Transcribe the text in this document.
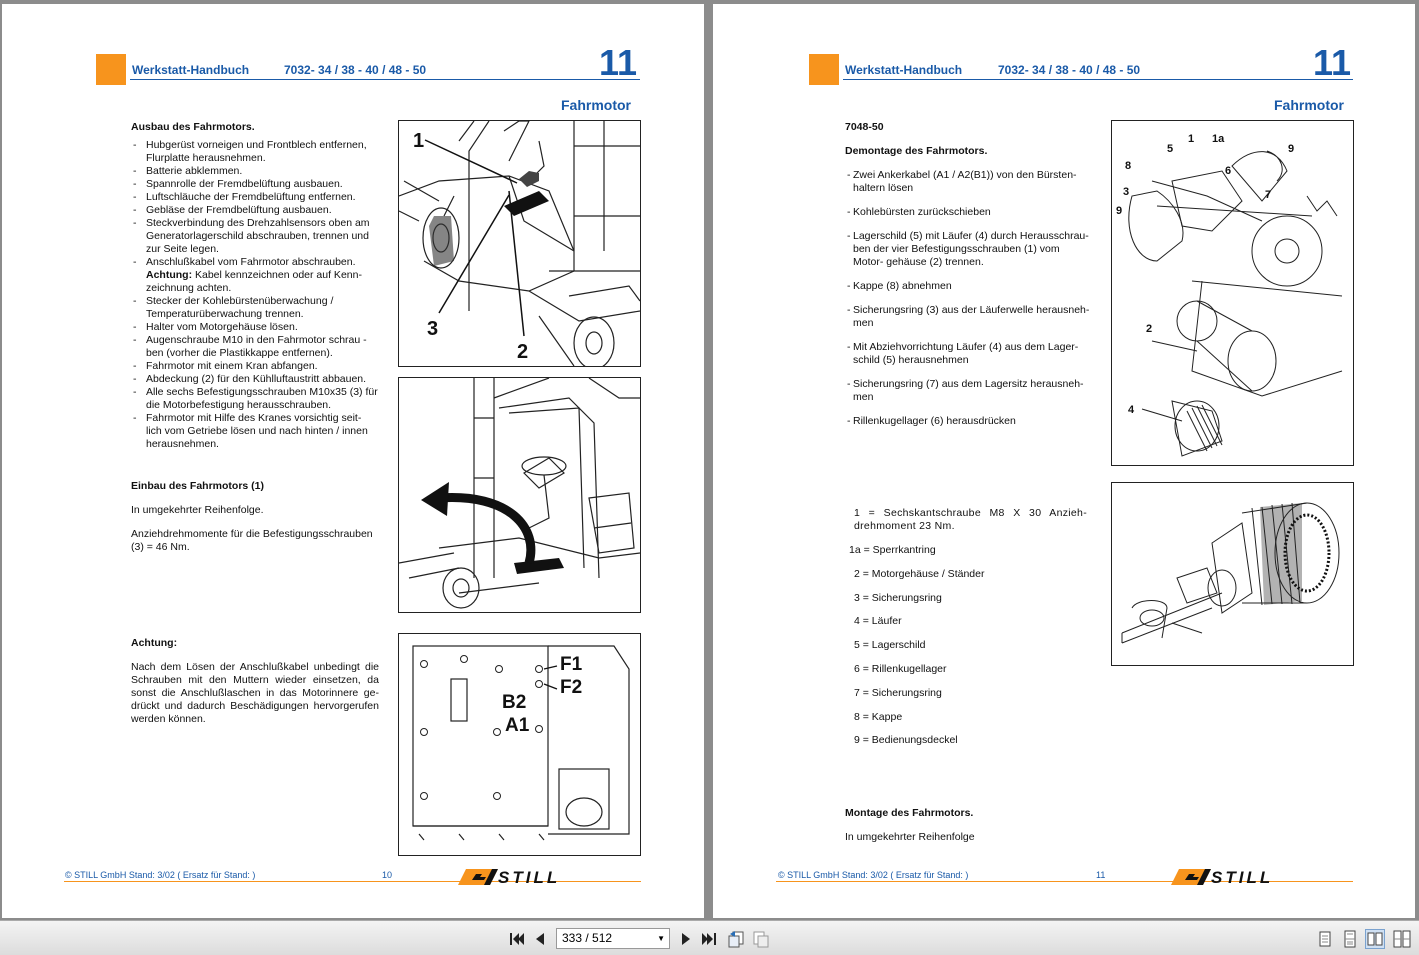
Werkstatt-Handbuch	7032- 34 / 38 - 40 / 48 - 50	11
Fahrmotor
Ausbau des Fahrmotors.
- Hubgerüst vorneigen und Frontblech entfernen, Flurplatte herausnehmen.
- Batterie abklemmen.
- Spannrolle der Fremdbelüftung ausbauen.
- Luftschläuche der Fremdbelüftung entfernen.
- Gebläse der Fremdbelüftung ausbauen.
- Steckverbindung des Drehzahlsensors oben am Generatorlagerschild abschrauben, trennen und zur Seite legen.
- Anschlußkabel vom Fahrmotor abschrauben.
Achtung: Kabel kennzeichnen oder auf Kenn- zeichnung achten.
- Stecker der Kohlebürstenüberwachung / Temperaturüberwachung trennen.
- Halter vom Motorgehäuse lösen.
- Augenschraube M10 in den Fahrmotor schrau - ben (vorher die Plastikkappe entfernen).
- Fahrmotor mit einem Kran abfangen.
- Abdeckung (2) für den Kühlluftaustritt abbauen.
- Alle sechs Befestigungsschrauben M10x35 (3) für die Motorbefestigung herausschrauben.
- Fahrmotor mit Hilfe des Kranes vorsichtig seit- lich vom Getriebe lösen und nach hinten / innen herausnehmen.
Einbau des Fahrmotors (1)
In umgekehrter Reihenfolge.
Anziehdrehmomente für die Befestigungsschrauben (3) = 46 Nm.
Achtung:
Nach dem Lösen der Anschlußkabel unbedingt die Schrauben mit den Muttern wieder einsetzen, da sonst die Anschlußlaschen in das Motorinnere ge- drückt und dadurch Beschädigungen hervorgerufen werden können.
1
3
2
F1
F2
B2
A1
© STILL GmbH Stand: 3/02 ( Ersatz für Stand: )	10	STILL
Werkstatt-Handbuch	7032- 34 / 38 - 40 / 48 - 50	11
Fahrmotor
7048-50
Demontage des Fahrmotors.
- Zwei Ankerkabel (A1 / A2(B1)) von den Bürsten- haltern lösen
- Kohlebürsten zurückschieben
- Lagerschild (5) mit Läufer (4) durch Herausschrau- ben der vier Befestigungsschrauben (1) vom Motor- gehäuse (2) trennen.
- Kappe (8) abnehmen
- Sicherungsring (3) aus der Läuferwelle herausneh- men
- Mit Abziehvorrichtung Läufer (4) aus dem Lager- schild (5) herausnehmen
- Sicherungsring (7) aus dem Lagersitz herausneh- men
- Rillenkugellager (6) herausdrücken
1 = Sechskantschraube M8 X 30 Anzieh- drehmoment 23 Nm.
1a = Sperrkantring
2 = Motorgehäuse / Ständer
3 = Sicherungsring
4 = Läufer
5 = Lagerschild
6 = Rillenkugellager
7 = Sicherungsring
8 = Kappe
9 = Bedienungsdeckel
Montage des Fahrmotors.
In umgekehrter Reihenfolge
1 1a
9
5
8	6
3	7
9
2
4
© STILL GmbH Stand: 3/02 ( Ersatz für Stand: )	11	STILL
333 / 512	▼
